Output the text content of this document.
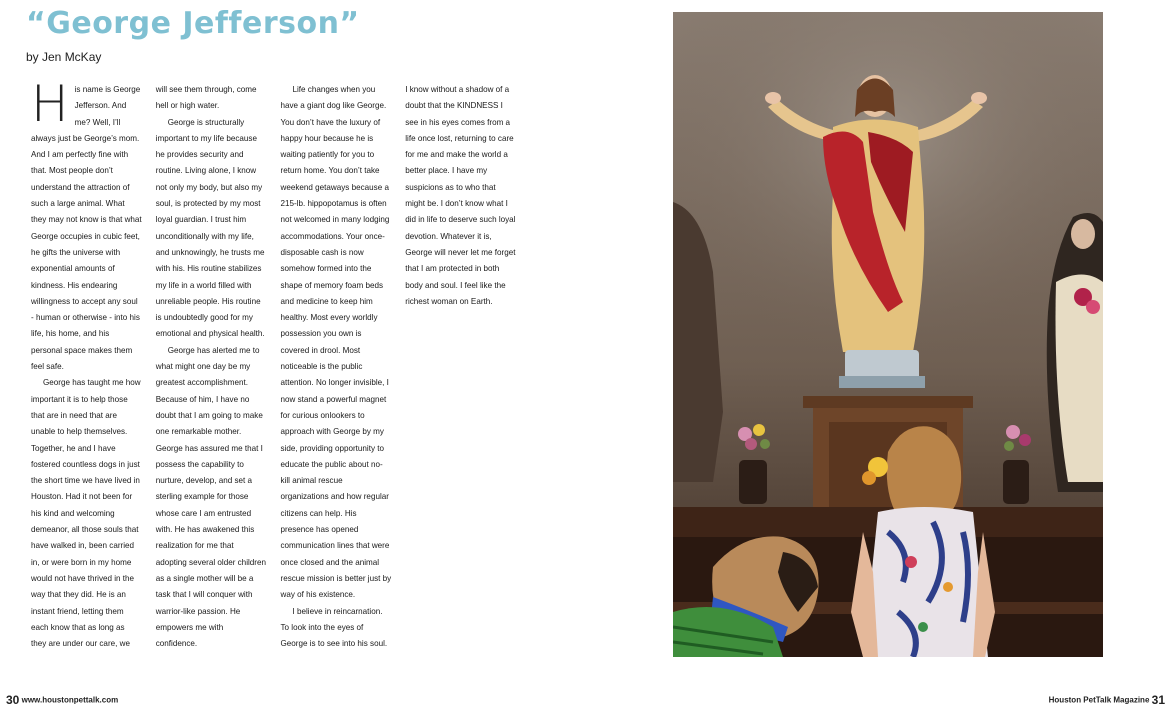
“George Jefferson”
by Jen McKay

His name is George Jefferson. And me? Well, I’ll always just be George’s mom. And I am perfectly fine with that. Most people don’t understand the attraction of such a large animal. What they may not know is that what George occupies in cubic feet, he gifts the universe with exponential amounts of kindness. His endearing willingness to accept any soul - human or otherwise - into his life, his home, and his personal space makes them feel safe.

George has taught me how important it is to help those that are in need that are unable to help themselves. Together, he and I have fostered countless dogs in just the short time we have lived in Houston. Had it not been for his kind and welcoming demeanor, all those souls that have walked in, been carried in, or were born in my home would not have thrived in the way that they did. He is an instant friend, letting them each know that as long as they are under our care, we will see them through, come hell or high water.

George is structurally important to my life because he provides security and routine. Living alone, I know not only my body, but also my soul, is protected by my most loyal guardian. I trust him unconditionally with my life, and unknowingly, he trusts me with his. His routine stabilizes my life in a world filled with unreliable people. His routine is undoubtedly good for my emotional and physical health.

George has alerted me to what might one day be my greatest accomplishment. Because of him, I have no doubt that I am going to make one remarkable mother. George has assured me that I possess the capability to nurture, develop, and set a sterling example for those whose care I am entrusted with. He has awakened this realization for me that adopting several older children as a single mother will be a task that I will conquer with warrior-like passion. He empowers me with confidence.

Life changes when you have a giant dog like George. You don’t have the luxury of happy hour because he is waiting patiently for you to return home. You don’t take weekend getaways because a 215-lb. hippopotamus is often not welcomed in many lodging accommodations. Your once-disposable cash is now somehow formed into the shape of memory foam beds and medicine to keep him healthy. Most every worldly possession you own is covered in drool. Most noticeable is the public attention. No longer invisible, I now stand a powerful magnet for curious onlookers to approach with George by my side, providing opportunity to educate the public about no-kill animal rescue organizations and how regular citizens can help. His presence has opened communication lines that were once closed and the animal rescue mission is better just by way of his existence.

I believe in reincarnation. To look into the eyes of George is to see into his soul. I know without a shadow of a doubt that the KINDNESS I see in his eyes comes from a life once lost, returning to care for me and make the world a better place. I have my suspicions as to who that might be. I don’t know what I did in life to deserve such loyal devotion. Whatever it is, George will never let me forget that I am protected in both body and soul. I feel like the richest woman on Earth.

30 www.houstonpettalk.com	Houston PetTalk Magazine 31
